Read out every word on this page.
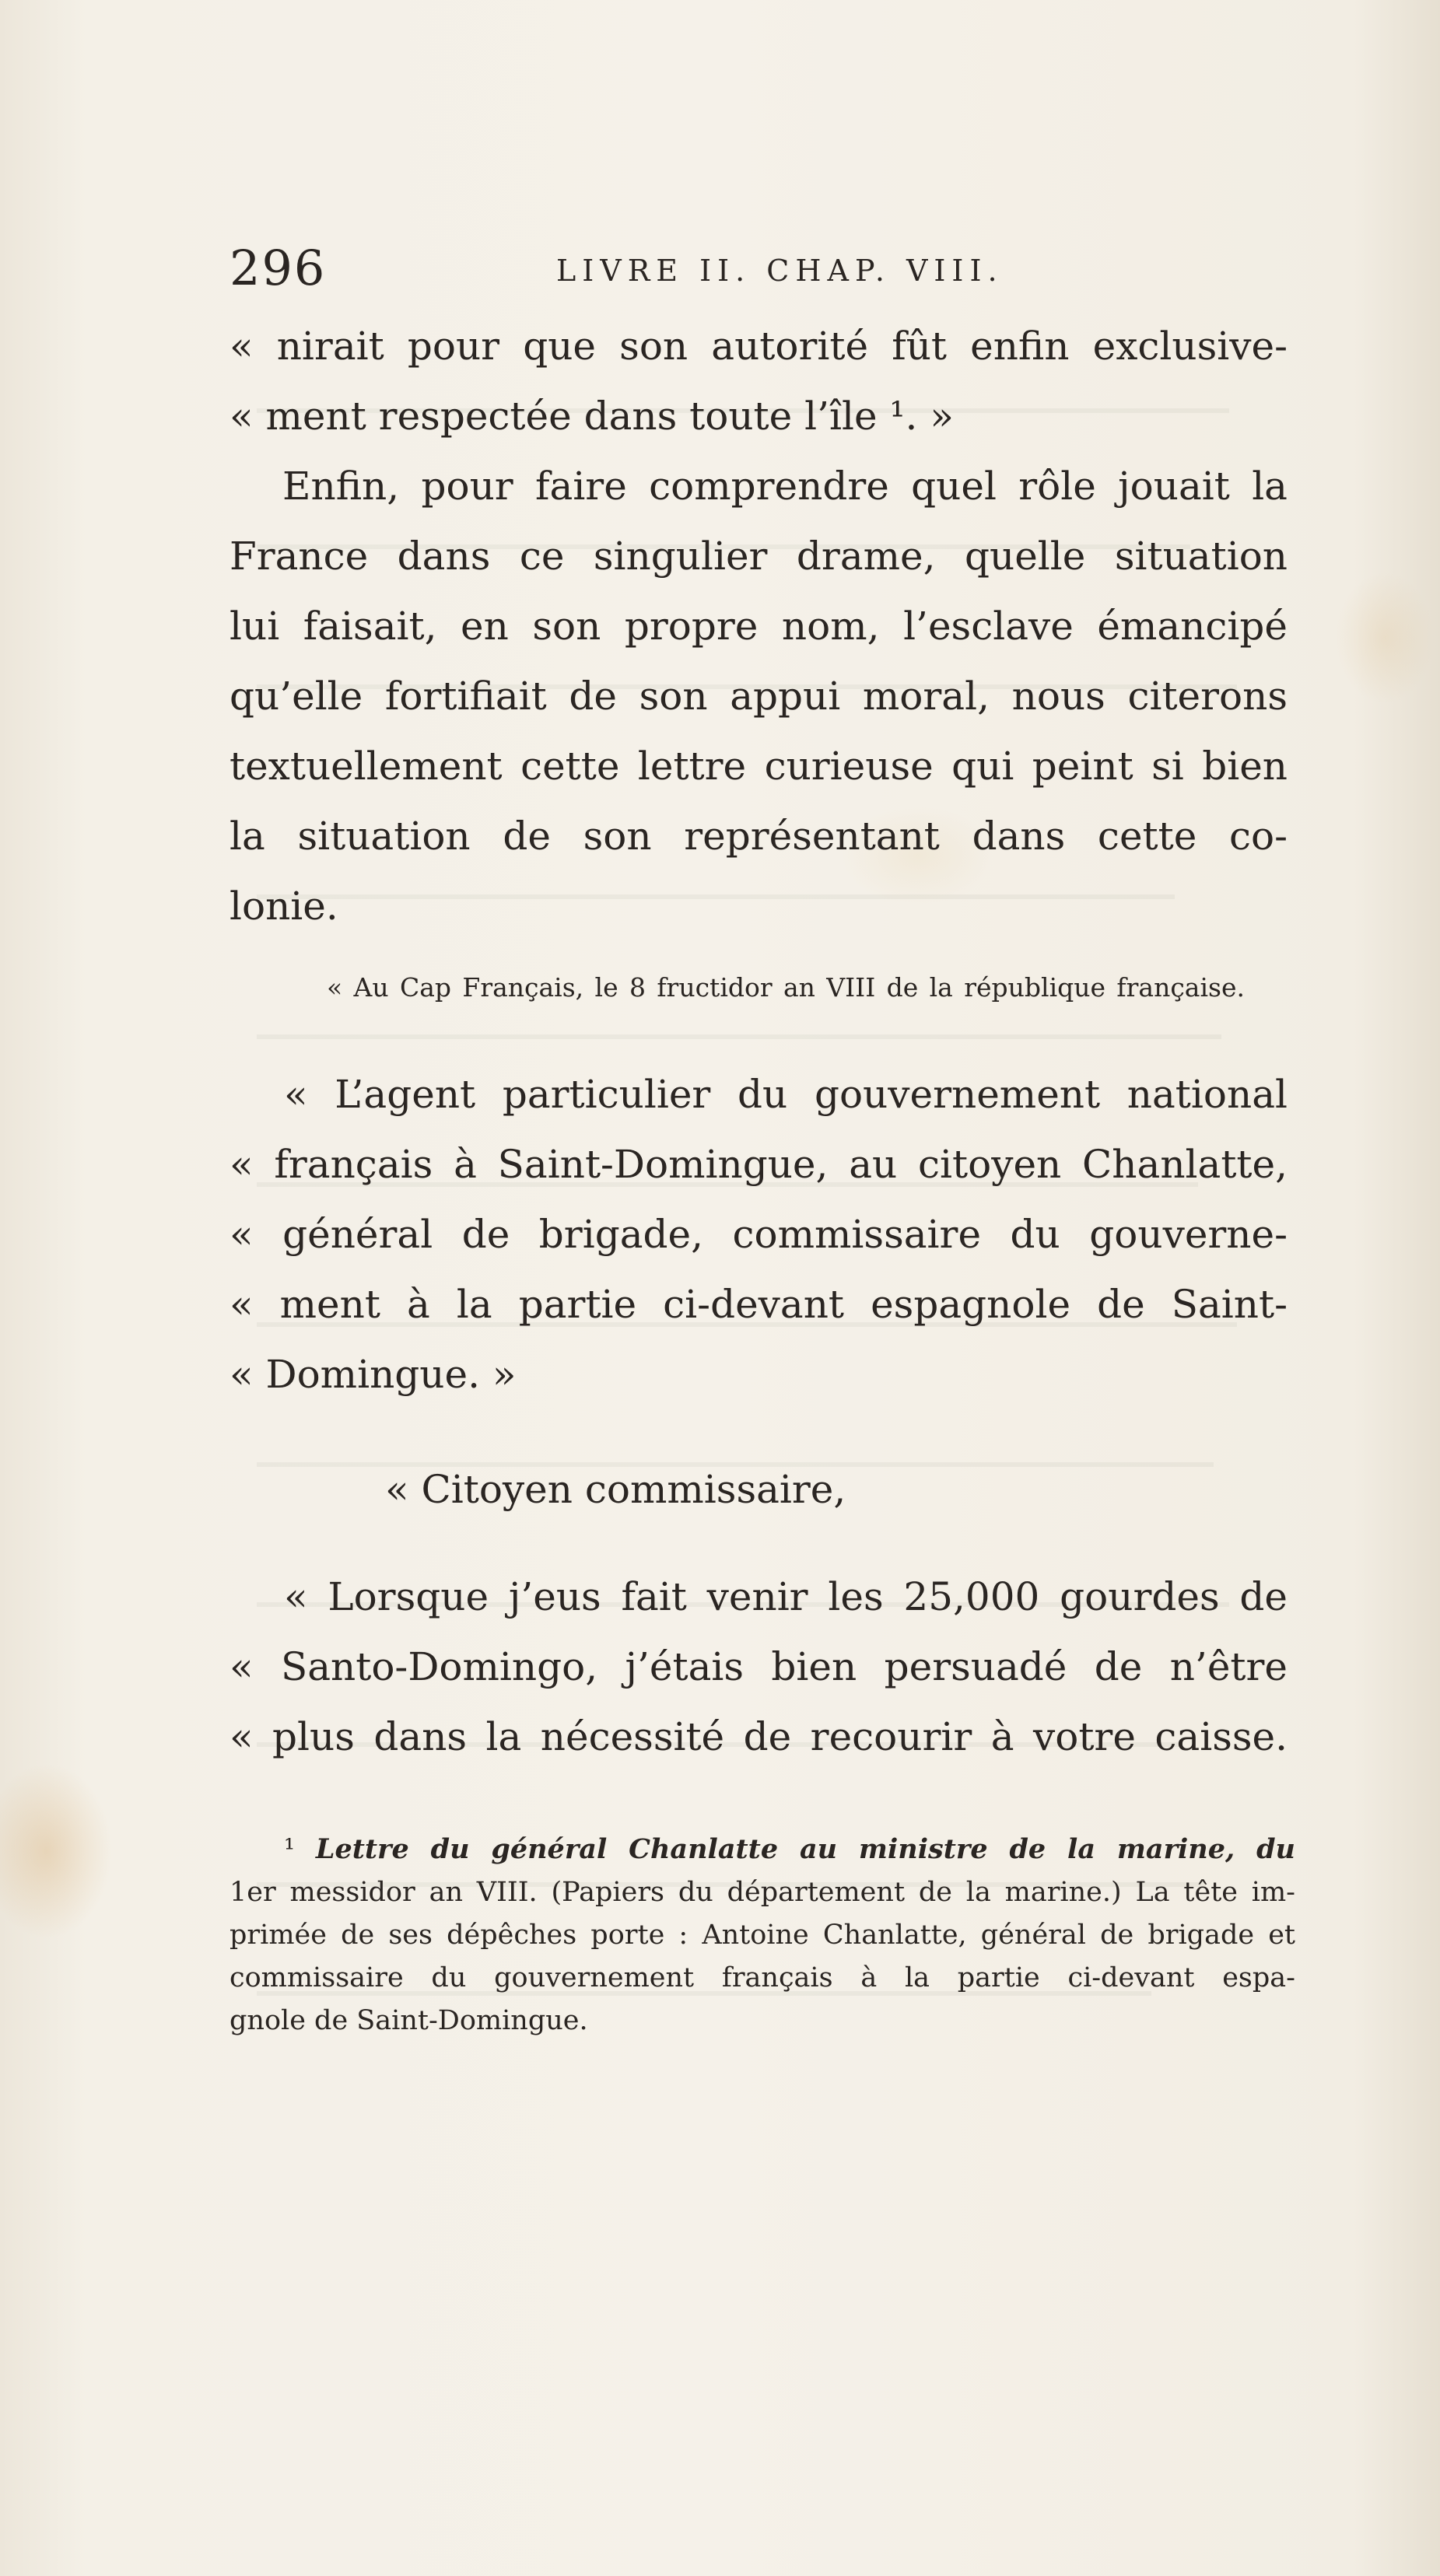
296	LIVRE II. CHAP. VIII.
« nirait pour que son autorité fût enfin exclusive-
« ment respectée dans toute l’île ¹. »
Enfin, pour faire comprendre quel rôle jouait la
France dans ce singulier drame, quelle situation
lui faisait, en son propre nom, l’esclave émancipé
qu’elle fortifiait de son appui moral, nous citerons
textuellement cette lettre curieuse qui peint si bien
la situation de son représentant dans cette co-
lonie.
« Au Cap Français, le 8 fructidor an VIII de la république française.
« L’agent particulier du gouvernement national
« français à Saint-Domingue, au citoyen Chanlatte,
« général de brigade, commissaire du gouverne-
« ment à la partie ci-devant espagnole de Saint-
« Domingue. »
« Citoyen commissaire,
« Lorsque j’eus fait venir les 25,000 gourdes de
« Santo-Domingo, j’étais bien persuadé de n’être
« plus dans la nécessité de recourir à votre caisse.
¹ Lettre du général Chanlatte au ministre de la marine, du
1er messidor an VIII. (Papiers du département de la marine.) La tête im-
primée de ses dépêches porte : Antoine Chanlatte, général de brigade et
commissaire du gouvernement français à la partie ci-devant espa-
gnole de Saint-Domingue.
